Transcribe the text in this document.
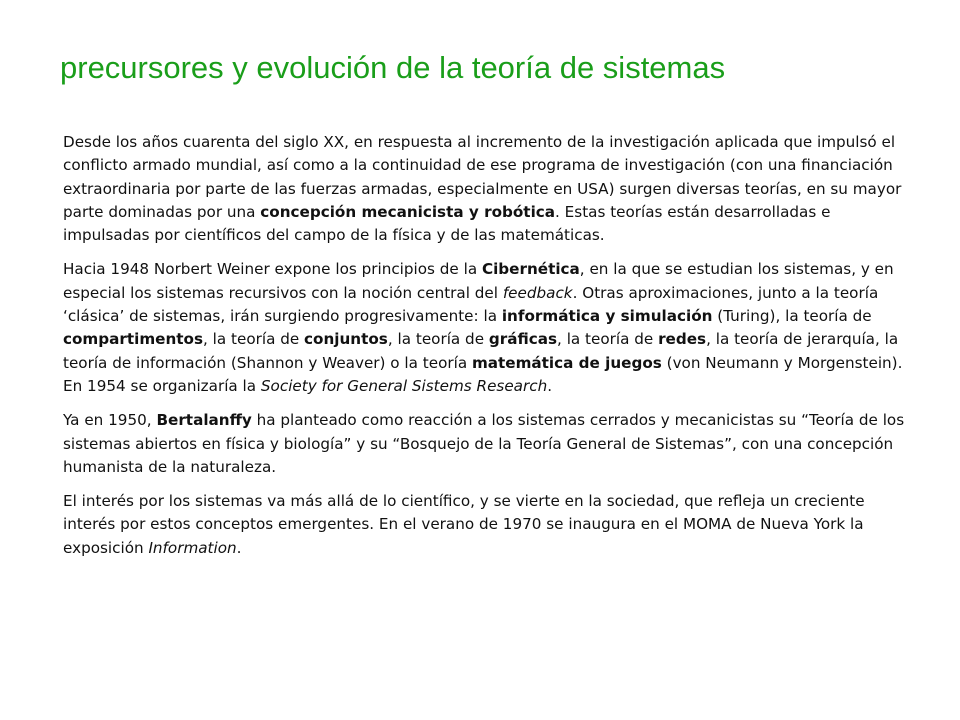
precursores y evolución de la teoría de sistemas

Desde los años cuarenta del siglo XX, en respuesta al incremento de la investigación aplicada que impulsó el conflicto armado mundial, así como a la continuidad de ese programa de investigación (con una financiación extraordinaria por parte de las fuerzas armadas, especialmente en USA) surgen diversas teorías, en su mayor parte dominadas por una concepción mecanicista y robótica. Estas teorías están desarrolladas e impulsadas por científicos del campo de la física y de las matemáticas.

Hacia 1948 Norbert Weiner expone los principios de la Cibernética, en la que se estudian los sistemas, y en especial los sistemas recursivos con la noción central del feedback. Otras aproximaciones, junto a la teoría ‘clásica’ de sistemas, irán surgiendo progresivamente: la informática y simulación (Turing), la teoría de compartimentos, la teoría de conjuntos, la teoría de gráficas, la teoría de redes, la teoría de jerarquía, la teoría de información (Shannon y Weaver) o la teoría matemática de juegos (von Neumann y Morgenstein). En 1954 se organizaría la Society for General Sistems Research.

Ya en 1950, Bertalanffy ha planteado como reacción a los sistemas cerrados y mecanicistas su “Teoría de los sistemas abiertos en física y biología” y su “Bosquejo de la Teoría General de Sistemas”, con una concepción humanista de la naturaleza.

El interés por los sistemas va más allá de lo científico, y se vierte en la sociedad, que refleja un creciente interés por estos conceptos emergentes. En el verano de 1970 se inaugura en el MOMA de Nueva York la exposición Information.
